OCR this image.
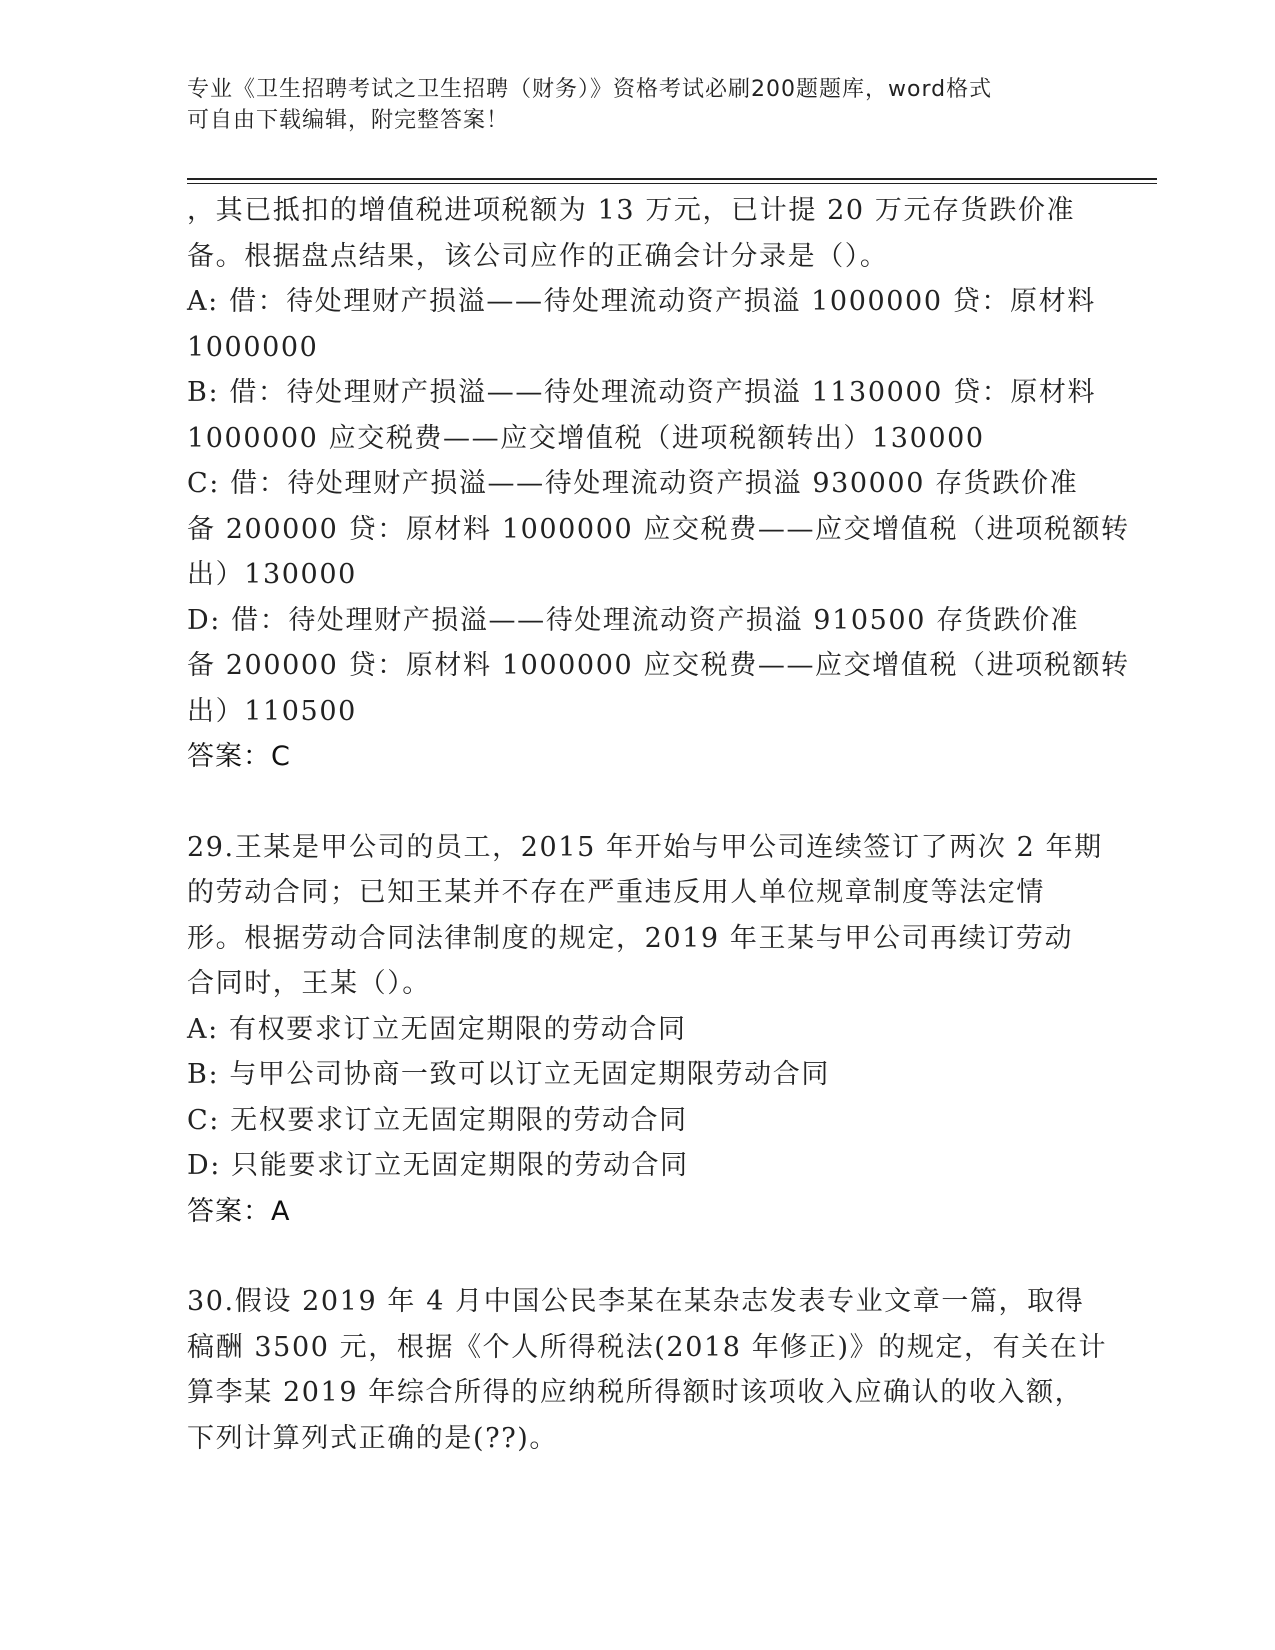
专业《卫生招聘考试之卫生招聘（财务）》资格考试必刷200题题库，word格式
可自由下载编辑，附完整答案！
，其已抵扣的增值税进项税额为 13 万元，已计提 20 万元存货跌价准
备。根据盘点结果，该公司应作的正确会计分录是（）。
A: 借：待处理财产损溢——待处理流动资产损溢 1000000 贷：原材料
1000000
B: 借：待处理财产损溢——待处理流动资产损溢 1130000 贷：原材料
1000000 应交税费——应交增值税（进项税额转出）130000
C: 借：待处理财产损溢——待处理流动资产损溢 930000 存货跌价准
备 200000 贷：原材料 1000000 应交税费——应交增值税（进项税额转
出）130000
D: 借：待处理财产损溢——待处理流动资产损溢 910500 存货跌价准
备 200000 贷：原材料 1000000 应交税费——应交增值税（进项税额转
出）110500
答案：C
29.王某是甲公司的员工，2015 年开始与甲公司连续签订了两次 2 年期
的劳动合同；已知王某并不存在严重违反用人单位规章制度等法定情
形。根据劳动合同法律制度的规定，2019 年王某与甲公司再续订劳动
合同时，王某（）。
A: 有权要求订立无固定期限的劳动合同
B: 与甲公司协商一致可以订立无固定期限劳动合同
C: 无权要求订立无固定期限的劳动合同
D: 只能要求订立无固定期限的劳动合同
答案：A
30.假设 2019 年 4 月中国公民李某在某杂志发表专业文章一篇，取得
稿酬 3500 元，根据《个人所得税法(2018 年修正)》的规定，有关在计
算李某 2019 年综合所得的应纳税所得额时该项收入应确认的收入额，
下列计算列式正确的是(??)。
